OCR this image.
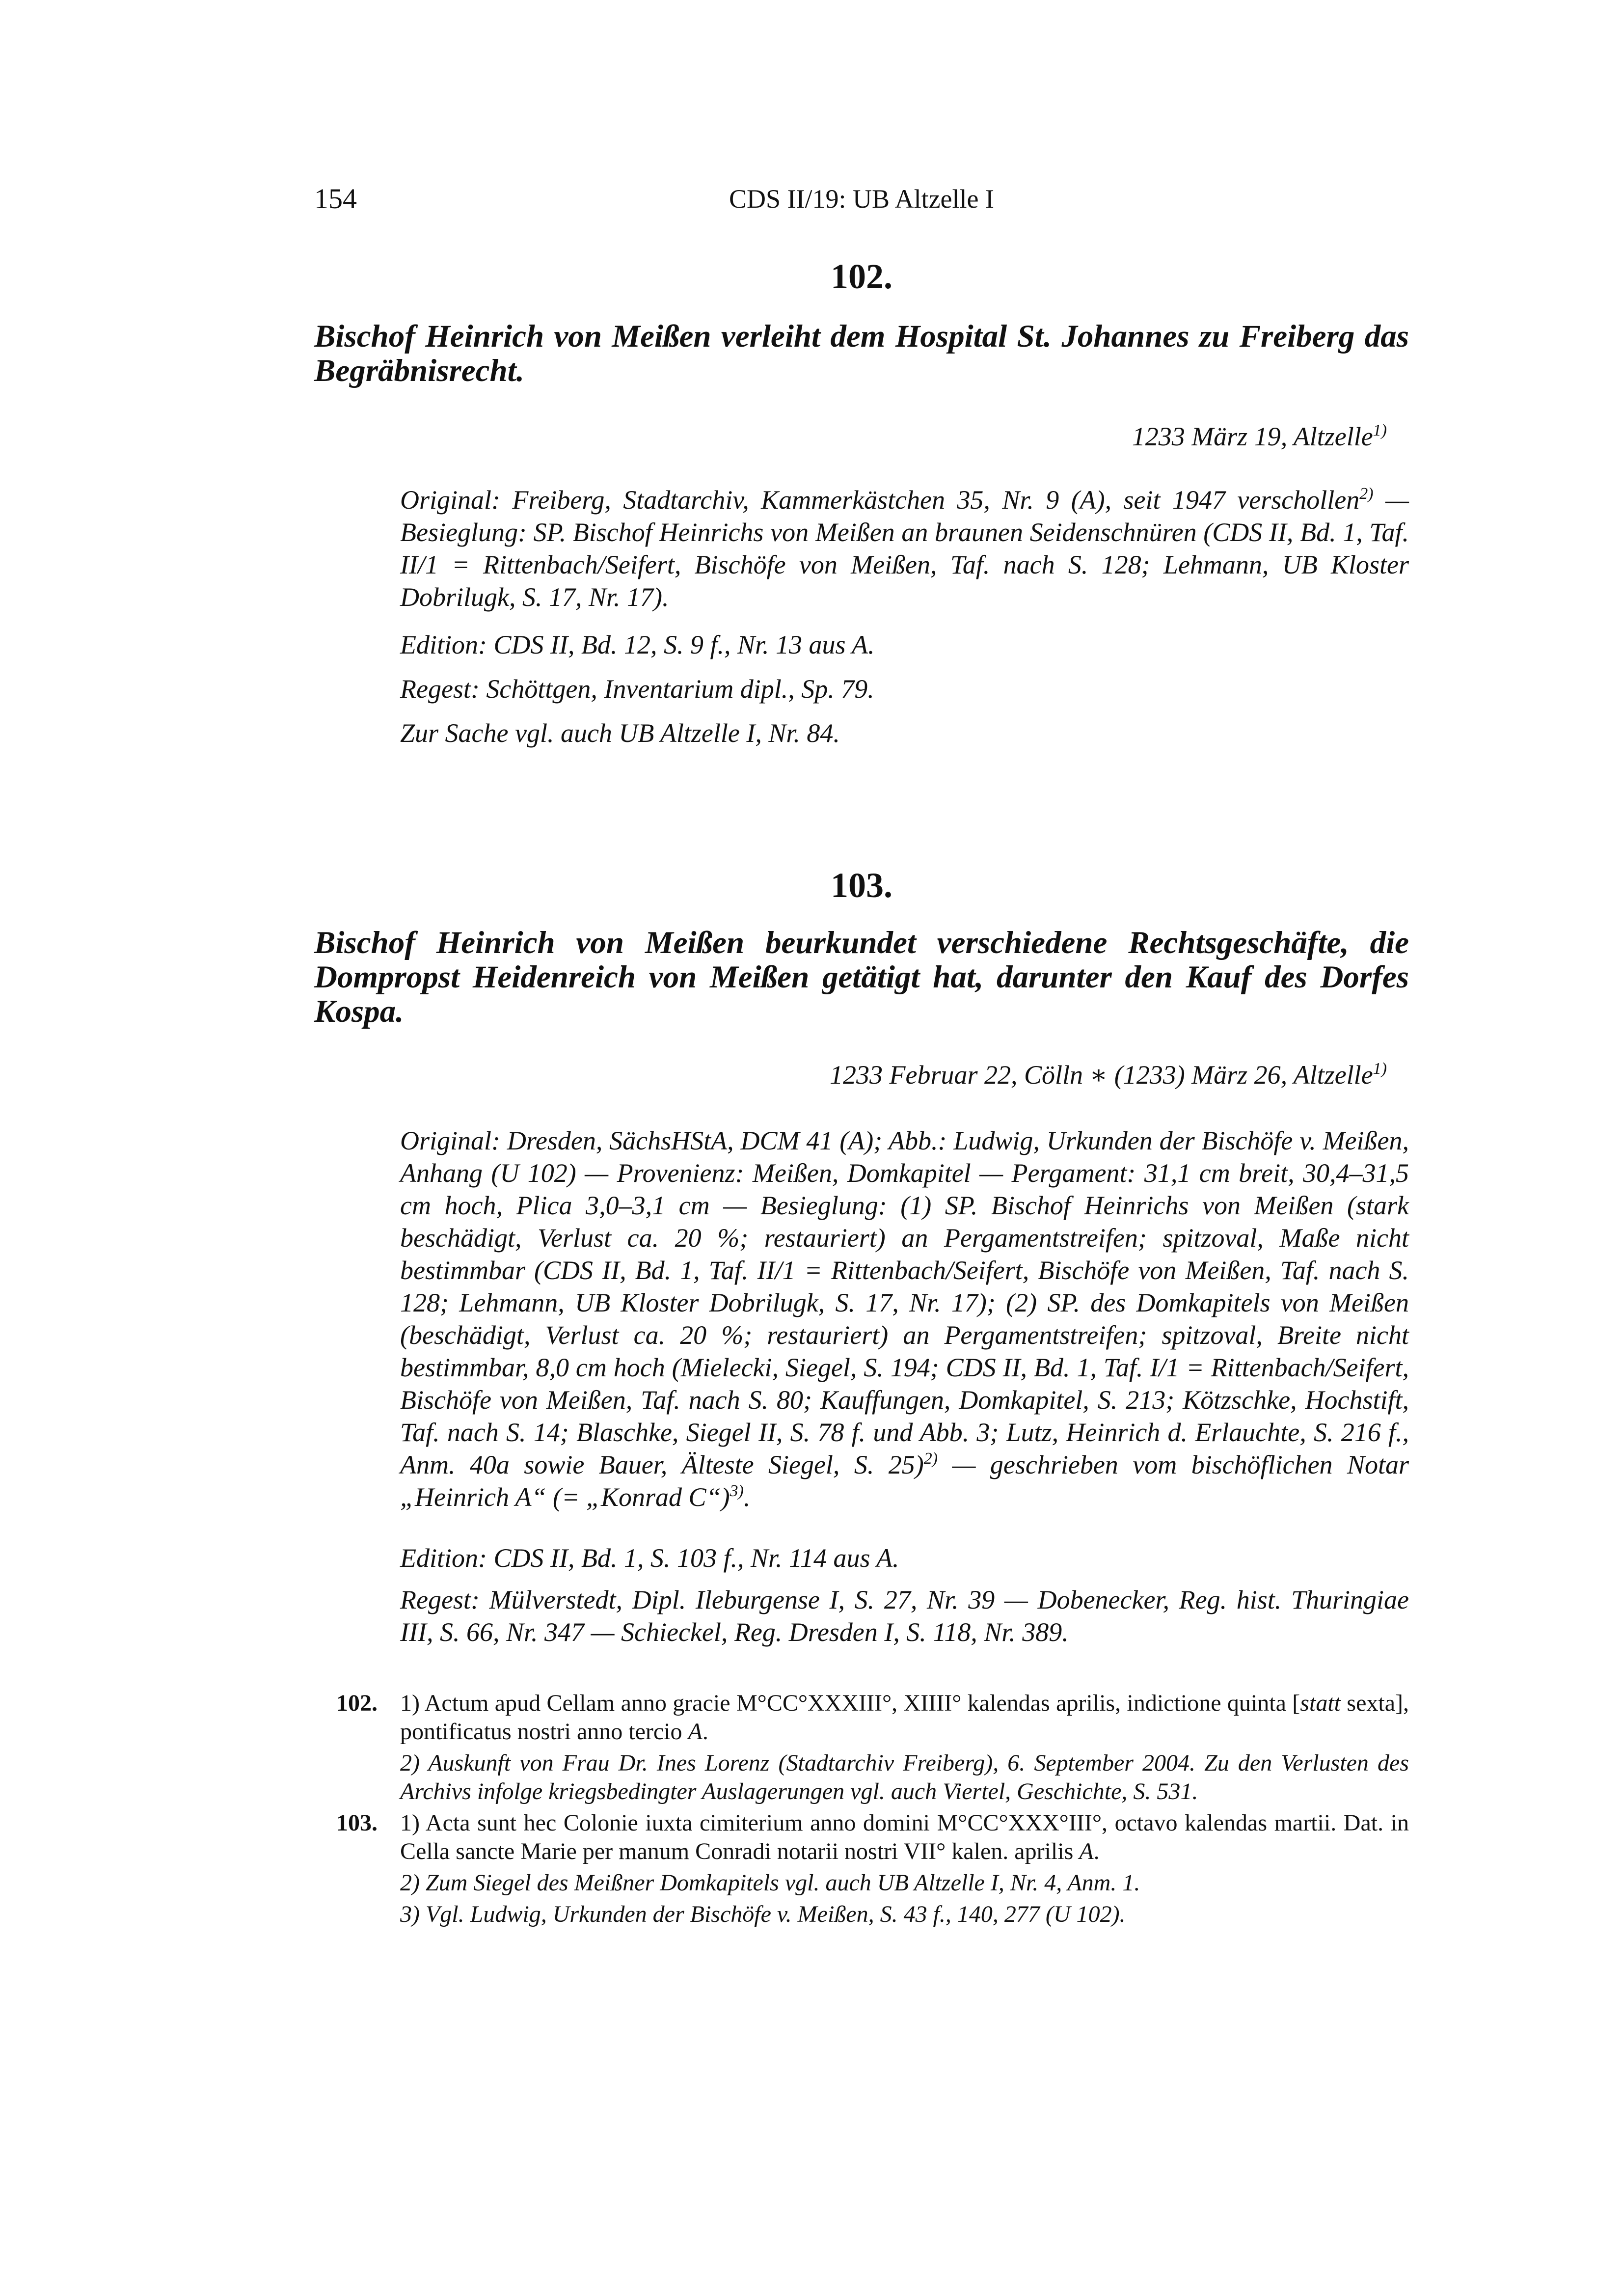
154	CDS II/19: UB Altzelle I
102.
Bischof Heinrich von Meißen verleiht dem Hospital St. Johannes zu Freiberg das Begräbnisrecht.
1233 März 19, Altzelle$^{1)}$

Original: Freiberg, Stadtarchiv, Kammerkästchen 35, Nr. 9 (A), seit 1947 verschollen$^{2)}$ — Besieglung: SP. Bischof Heinrichs von Meißen an braunen Seidenschnüren (CDS II, Bd. 1, Taf. II/1 = Rittenbach/Seifert, Bischöfe von Meißen, Taf. nach S. 128; Lehmann, UB Kloster Dobrilugk, S. 17, Nr. 17).

Edition: CDS II, Bd. 12, S. 9 f., Nr. 13 aus A.

Regest: Schöttgen, Inventarium dipl., Sp. 79.

Zur Sache vgl. auch UB Altzelle I, Nr. 84.

103.
Bischof Heinrich von Meißen beurkundet verschiedene Rechtsgeschäfte, die Dompropst Heidenreich von Meißen getätigt hat, darunter den Kauf des Dorfes Kospa.
1233 Februar 22, Cölln ∗ (1233) März 26, Altzelle$^{1)}$

Original: Dresden, SächsHStA, DCM 41 (A); Abb.: Ludwig, Urkunden der Bischöfe v. Meißen, Anhang (U 102) — Provenienz: Meißen, Domkapitel — Pergament: 31,1 cm breit, 30,4–31,5 cm hoch, Plica 3,0–3,1 cm — Besieglung: (1) SP. Bischof Heinrichs von Meißen (stark beschädigt, Verlust ca. 20 %; restauriert) an Pergamentstreifen; spitzoval, Maße nicht bestimmbar (CDS II, Bd. 1, Taf. II/1 = Rittenbach/Seifert, Bischöfe von Meißen, Taf. nach S. 128; Lehmann, UB Kloster Dobrilugk, S. 17, Nr. 17); (2) SP. des Domkapitels von Meißen (beschädigt, Verlust ca. 20 %; restauriert) an Pergamentstreifen; spitzoval, Breite nicht bestimmbar, 8,0 cm hoch (Mielecki, Siegel, S. 194; CDS II, Bd. 1, Taf. I/1 = Rittenbach/Seifert, Bischöfe von Meißen, Taf. nach S. 80; Kauffungen, Domkapitel, S. 213; Kötzschke, Hochstift, Taf. nach S. 14; Blaschke, Siegel II, S. 78 f. und Abb. 3; Lutz, Heinrich d. Erlauchte, S. 216 f., Anm. 40a sowie Bauer, Älteste Siegel, S. 25)$^{2)}$ — geschrieben vom bischöflichen Notar „Heinrich A“ (= „Konrad C“)$^{3)}$.

Edition: CDS II, Bd. 1, S. 103 f., Nr. 114 aus A.

Regest: Mülverstedt, Dipl. Ileburgense I, S. 27, Nr. 39 — Dobenecker, Reg. hist. Thuringiae III, S. 66, Nr. 347 — Schieckel, Reg. Dresden I, S. 118, Nr. 389.

102. 1) Actum apud Cellam anno gracie M°CC°XXXIII°, XIIII° kalendas aprilis, indictione quinta [statt sexta], pontificatus nostri anno tercio A.

2) Auskunft von Frau Dr. Ines Lorenz (Stadtarchiv Freiberg), 6. September 2004. Zu den Verlusten des Archivs infolge kriegsbedingter Auslagerungen vgl. auch Viertel, Geschichte, S. 531.

103. 1) Acta sunt hec Colonie iuxta cimiterium anno domini M°CC°XXX°III°, octavo kalendas martii. Dat. in Cella sancte Marie per manum Conradi notarii nostri VII° kalen. aprilis A.

2) Zum Siegel des Meißner Domkapitels vgl. auch UB Altzelle I, Nr. 4, Anm. 1.

3) Vgl. Ludwig, Urkunden der Bischöfe v. Meißen, S. 43 f., 140, 277 (U 102).
